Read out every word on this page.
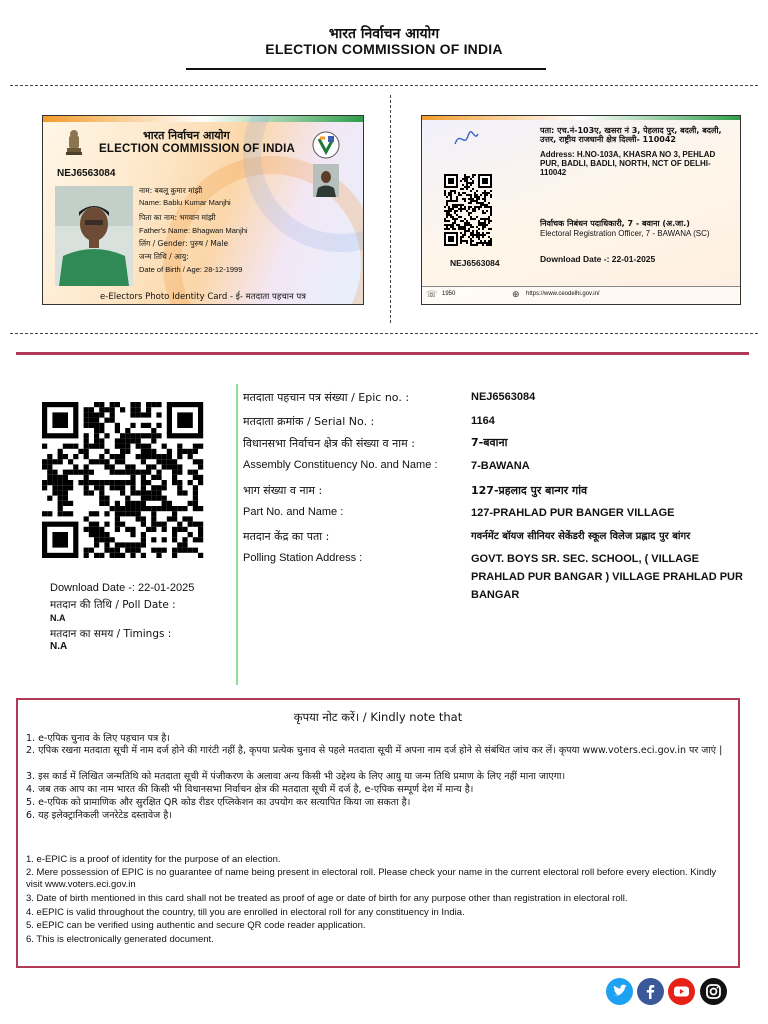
भारत निर्वाचन आयोग
ELECTION COMMISSION OF INDIA
भारत निर्वाचन आयोग
ELECTION COMMISSION OF INDIA
NEJ6563084
नाम: बबलू कुमार मांझी
Name: Bablu Kumar Manjhi
पिता का नाम: भगवान मांझी
Father's Name: Bhagwan Manjhi
लिंग / Gender: पुरुष / Male
जन्म तिथि / आयु:
Date of Birth / Age: 28-12-1999
e-Electors Photo Identity Card - ई- मतदाता पहचान पत्र
पता: एच.नं-103ए, खसरा नं 3, पेहलाद पुर, बदली, बदली, उत्तर, राष्ट्रीय राजधानी क्षेत्र दिल्ली- 110042
Address: H.NO-103A, KHASRA NO 3, PEHLAD PUR, BADLI, BADLI, NORTH, NCT OF DELHI- 110042
निर्वाचक निबंधन पदाधिकारी, 7 - बवाना (अ.जा.)
Electoral Registration Officer, 7 - BAWANA (SC)
NEJ6563084	Download Date -: 22-01-2025
☏ 1950	⊕ https://www.ceodelhi.gov.in/
Download Date -: 22-01-2025
मतदान की तिथि / Poll Date :
N.A
मतदान का समय / Timings :
N.A
मतदाता पहचान पत्र संख्या / Epic no. :	NEJ6563084
मतदाता क्रमांक / Serial No. :	1164
विधानसभा निर्वाचन क्षेत्र की संख्या व नाम :	7-बवाना
Assembly Constituency No. and Name :	7-BAWANA
भाग संख्या व नाम :	127-प्रहलाद पुर बान्गर गांव
Part No. and Name :	127-PRAHLAD PUR BANGER VILLAGE
मतदान केंद्र का पता :	गवर्नमेंट बॉयज सीनियर सेकेंडरी स्कूल विलेज प्रह्लाद पुर बांगर
Polling Station Address :	GOVT. BOYS SR. SEC. SCHOOL, ( VILLAGE PRAHLAD PUR BANGAR ) VILLAGE PRAHLAD PUR BANGAR
कृपया नोट करें। / Kindly note that
1. e-एपिक चुनाव के लिए पहचान पत्र है।
2. एपिक रखना मतदाता सूची में नाम दर्ज होने की गारंटी नहीं है, कृपया प्रत्येक चुनाव से पहले मतदाता सूची में अपना नाम दर्ज होने से संबंधित जांच कर लें। कृपया www.voters.eci.gov.in पर जाएं |
3. इस कार्ड में लिखित जन्मतिथि को मतदाता सूची में पंजीकरण के अलावा अन्य किसी भी उद्देश्य के लिए आयु या जन्म तिथि प्रमाण के लिए नहीं माना जाएगा।
4. जब तक आप का नाम भारत की किसी भी विधानसभा निर्वाचन क्षेत्र की मतदाता सूची में दर्ज है, e-एपिक सम्पूर्ण देश में मान्य है।
5. e-एपिक को प्रामाणिक और सुरक्षित QR कोड रीडर एप्लिकेशन का उपयोग कर सत्यापित किया जा सकता है।
6. यह इलेक्ट्रानिकली जनरेटेड दस्तावेज है।
1. e-EPIC is a proof of identity for the purpose of an election.
2. Mere possession of EPIC is no guarantee of name being present in electoral roll. Please check your name in the current electoral roll before every election. Kindly visit www.voters.eci.gov.in
3. Date of birth mentioned in this card shall not be treated as proof of age or date of birth for any purpose other than registration in electoral roll.
4. eEPIC is valid throughout the country, till you are enrolled in electoral roll for any constituency in India.
5. eEPIC can be verified using authentic and secure QR code reader application.
6. This is electronically generated document.
